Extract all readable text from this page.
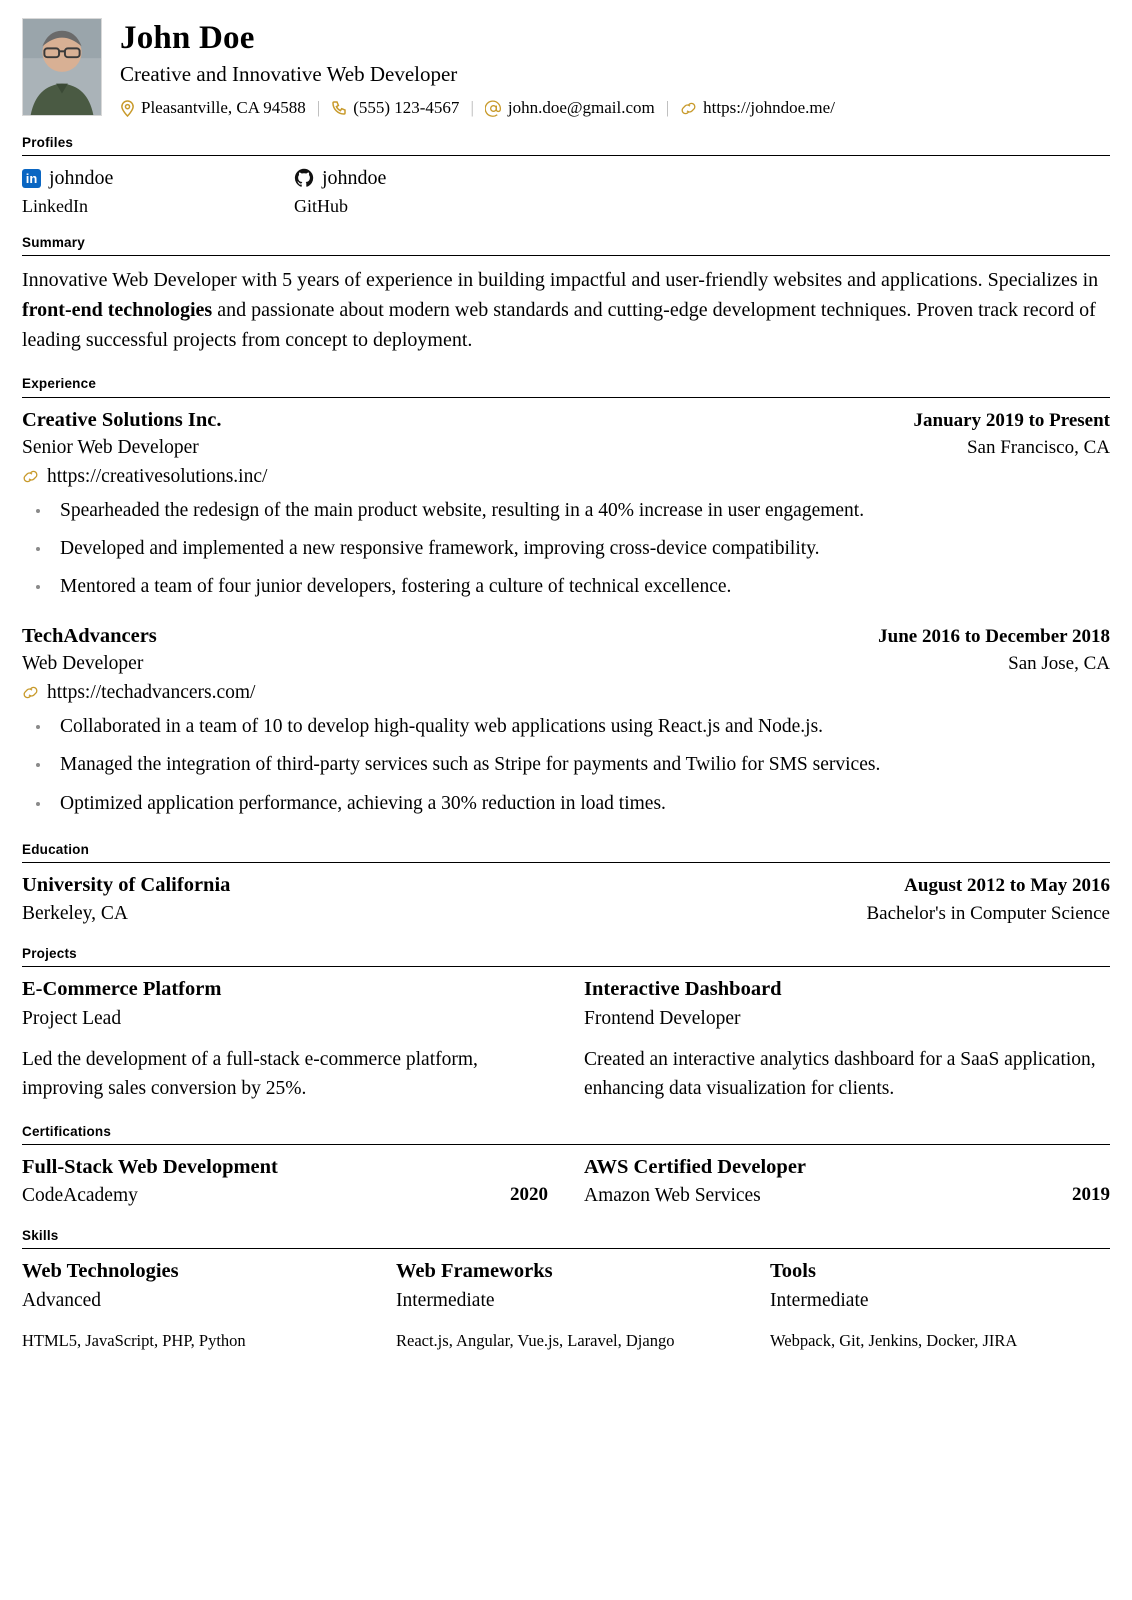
John Doe
Creative and Innovative Web Developer
Pleasantville, CA 94588 | (555) 123-4567 | john.doe@gmail.com | https://johndoe.me/
Profiles
in johndoe
LinkedIn
johndoe
GitHub
Summary

Innovative Web Developer with 5 years of experience in building impactful and user-friendly websites and applications. Specializes in front-end technologies and passionate about modern web standards and cutting-edge development techniques. Proven track record of leading successful projects from concept to deployment.

Experience
Creative Solutions Inc.	January 2019 to Present
Senior Web Developer	San Francisco, CA
https://creativesolutions.inc/
Spearheaded the redesign of the main product website, resulting in a 40% increase in user engagement.
Developed and implemented a new responsive framework, improving cross-device compatibility.
Mentored a team of four junior developers, fostering a culture of technical excellence.
TechAdvancers	June 2016 to December 2018
Web Developer	San Jose, CA
https://techadvancers.com/
Collaborated in a team of 10 to develop high-quality web applications using React.js and Node.js.
Managed the integration of third-party services such as Stripe for payments and Twilio for SMS services.
Optimized application performance, achieving a 30% reduction in load times.
Education
University of California	August 2012 to May 2016
Berkeley, CA	Bachelor's in Computer Science
Projects
E-Commerce Platform
Project Lead
Led the development of a full-stack e-commerce platform, improving sales conversion by 25%.
Interactive Dashboard
Frontend Developer
Created an interactive analytics dashboard for a SaaS application, enhancing data visualization for clients.
Certifications
Full-Stack Web Development
CodeAcademy	2020
AWS Certified Developer
Amazon Web Services	2019
Skills
Web Technologies
Advanced
HTML5, JavaScript, PHP, Python
Web Frameworks
Intermediate
React.js, Angular, Vue.js, Laravel, Django
Tools
Intermediate
Webpack, Git, Jenkins, Docker, JIRA
